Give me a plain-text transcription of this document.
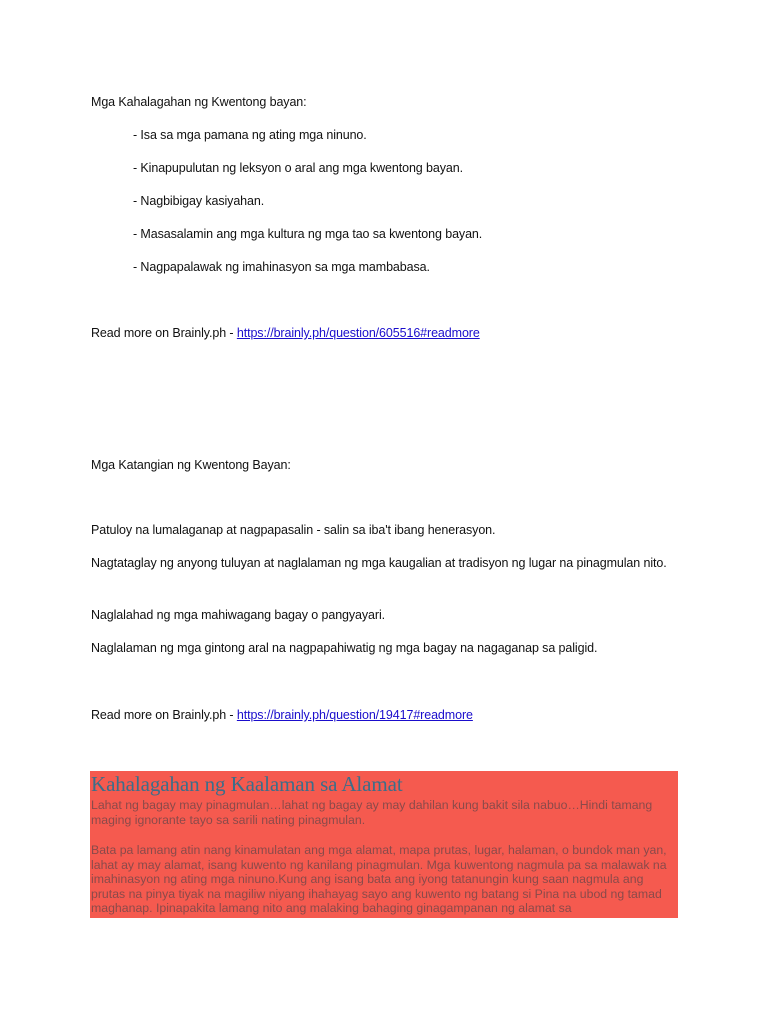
Mga Kahalagahan ng Kwentong bayan:
- Isa sa mga pamana ng ating mga ninuno.
- Kinapupulutan ng leksyon o aral ang mga kwentong bayan.
- Nagbibigay kasiyahan.
- Masasalamin ang mga kultura ng mga tao sa kwentong bayan.
- Nagpapalawak ng imahinasyon sa mga mambabasa.
Read more on Brainly.ph - https://brainly.ph/question/605516#readmore
Mga Katangian ng Kwentong Bayan:
Patuloy na lumalaganap at nagpapasalin - salin sa iba't ibang henerasyon.
Nagtataglay ng anyong tuluyan at naglalaman ng mga kaugalian at tradisyon ng lugar na pinagmulan nito.
Naglalahad ng mga mahiwagang bagay o pangyayari.
Naglalaman ng mga gintong aral na nagpapahiwatig ng mga bagay na nagaganap sa paligid.
Read more on Brainly.ph - https://brainly.ph/question/19417#readmore
Kahalagahan ng Kaalaman sa Alamat
Lahat ng bagay may pinagmulan…lahat ng bagay ay may dahilan kung bakit sila nabuo…Hindi tamang maging ignorante tayo sa sarili nating pinagmulan.
Bata pa lamang atin nang kinamulatan ang mga alamat, mapa prutas, lugar, halaman, o bundok man yan, lahat ay may alamat, isang kuwento ng kanilang pinagmulan. Mga kuwentong nagmula pa sa malawak na imahinasyon ng ating mga ninuno.Kung ang isang bata ang iyong tatanungin kung saan nagmula ang prutas na pinya tiyak na magiliw niyang ihahayag sayo ang kuwento ng batang si Pina na ubod ng tamad maghanap. Ipinapakita lamang nito ang malaking bahaging ginagampanan ng alamat sa
